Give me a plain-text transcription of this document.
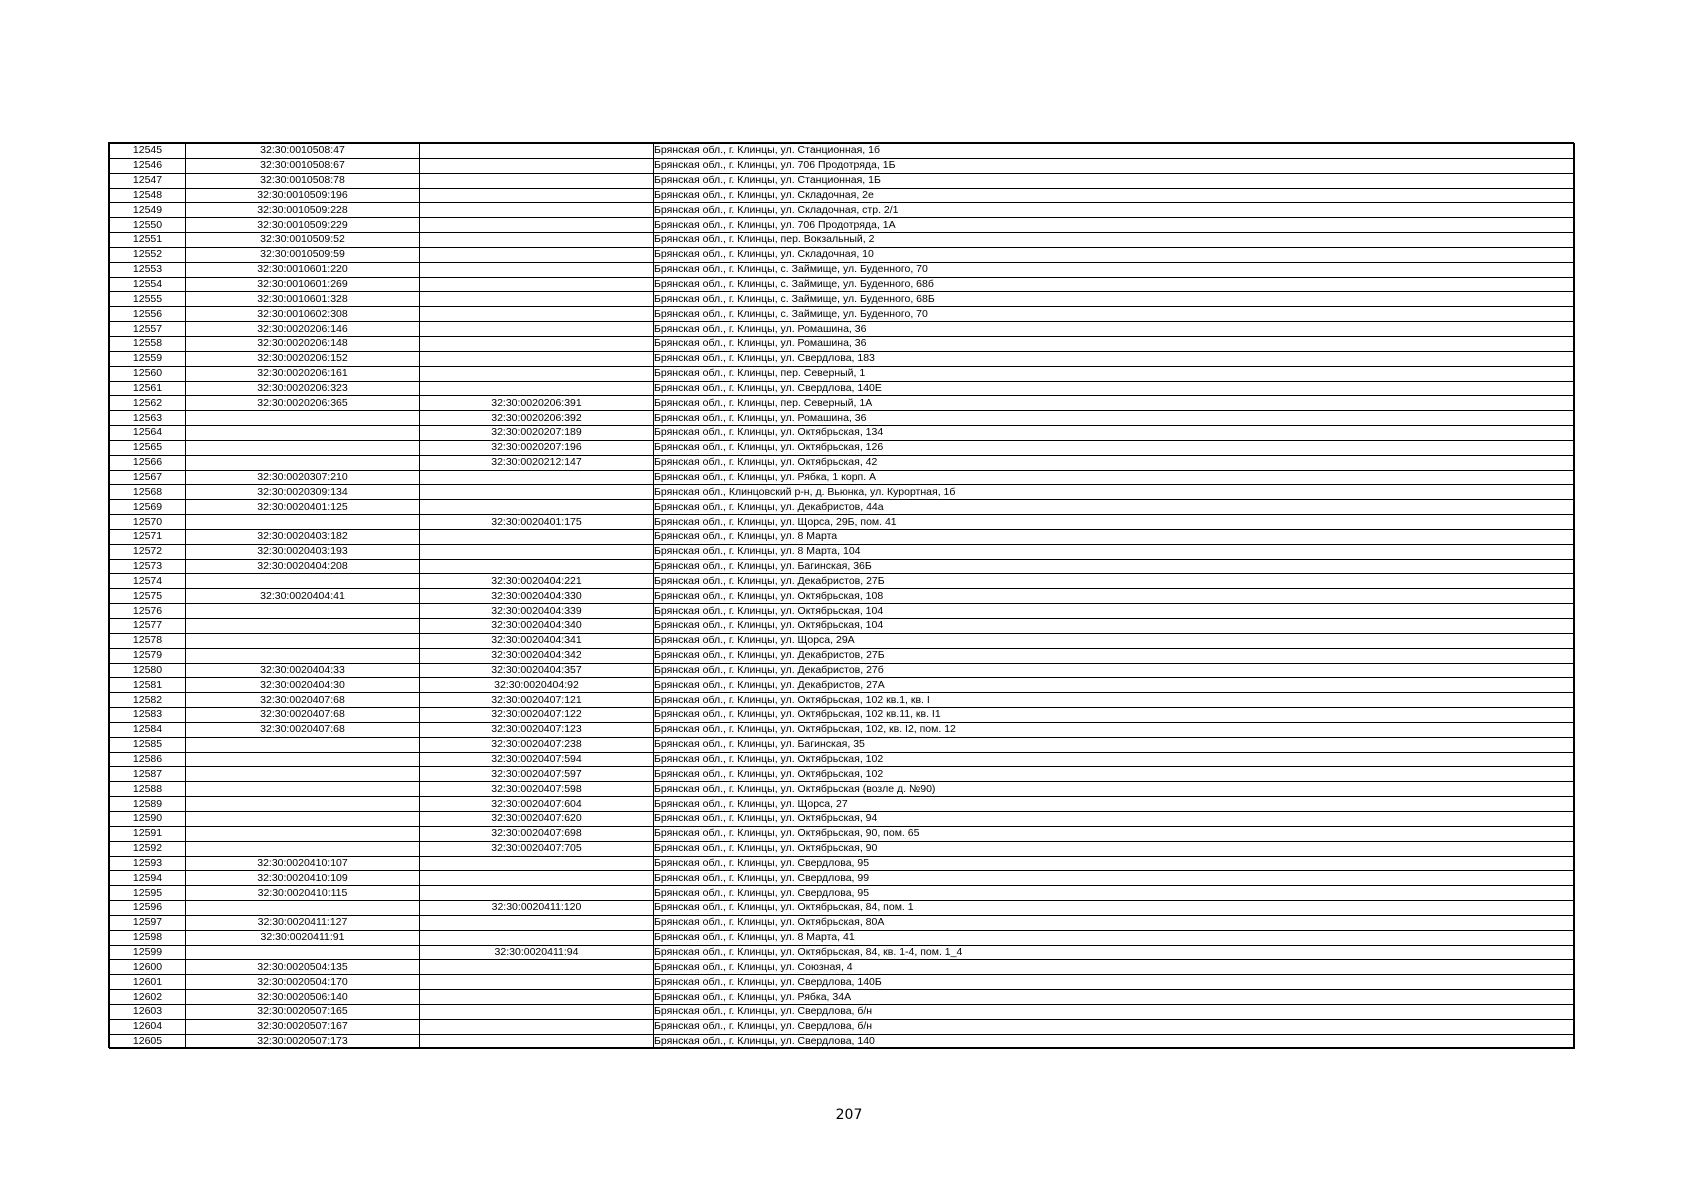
12545	32:30:0010508:47		Брянская обл., г. Клинцы, ул. Станционная, 1б
12546	32:30:0010508:67		Брянская обл., г. Клинцы, ул. 706 Продотряда, 1Б
12547	32:30:0010508:78		Брянская обл., г. Клинцы, ул. Станционная, 1Б
12548	32:30:0010509:196		Брянская обл., г. Клинцы, ул. Складочная, 2е
12549	32:30:0010509:228		Брянская обл., г. Клинцы, ул. Складочная, стр. 2/1
12550	32:30:0010509:229		Брянская обл., г. Клинцы, ул. 706 Продотряда, 1А
12551	32:30:0010509:52		Брянская обл., г. Клинцы, пер. Вокзальный, 2
12552	32:30:0010509:59		Брянская обл., г. Клинцы, ул. Складочная, 10
12553	32:30:0010601:220		Брянская обл., г. Клинцы, с. Займище, ул. Буденного, 70
12554	32:30:0010601:269		Брянская обл., г. Клинцы, с. Займище, ул. Буденного, 68б
12555	32:30:0010601:328		Брянская обл., г. Клинцы, с. Займище, ул. Буденного, 68Б
12556	32:30:0010602:308		Брянская обл., г. Клинцы, с. Займище, ул. Буденного, 70
12557	32:30:0020206:146		Брянская обл., г. Клинцы, ул. Ромашина, 36
12558	32:30:0020206:148		Брянская обл., г. Клинцы, ул. Ромашина, 36
12559	32:30:0020206:152		Брянская обл., г. Клинцы, ул. Свердлова, 183
12560	32:30:0020206:161		Брянская обл., г. Клинцы, пер. Северный, 1
12561	32:30:0020206:323		Брянская обл., г. Клинцы, ул. Свердлова, 140Е
12562	32:30:0020206:365	32:30:0020206:391	Брянская обл., г. Клинцы, пер. Северный, 1А
12563		32:30:0020206:392	Брянская обл., г. Клинцы, ул. Ромашина, 36
12564		32:30:0020207:189	Брянская обл., г. Клинцы, ул. Октябрьская, 134
12565		32:30:0020207:196	Брянская обл., г. Клинцы, ул. Октябрьская, 126
12566		32:30:0020212:147	Брянская обл., г. Клинцы, ул. Октябрьская, 42
12567	32:30:0020307:210		Брянская обл., г. Клинцы, ул. Рябка, 1 корп. А
12568	32:30:0020309:134		Брянская обл., Клинцовский р-н, д. Вьюнка, ул. Курортная, 1б
12569	32:30:0020401:125		Брянская обл., г. Клинцы, ул. Декабристов, 44а
12570		32:30:0020401:175	Брянская обл., г. Клинцы, ул. Щорса, 29Б, пом. 41
12571	32:30:0020403:182		Брянская обл., г. Клинцы, ул. 8 Марта
12572	32:30:0020403:193		Брянская обл., г. Клинцы, ул. 8 Марта, 104
12573	32:30:0020404:208		Брянская обл., г. Клинцы, ул. Багинская, 36Б
12574		32:30:0020404:221	Брянская обл., г. Клинцы, ул. Декабристов, 27Б
12575	32:30:0020404:41	32:30:0020404:330	Брянская обл., г. Клинцы, ул. Октябрьская, 108
12576		32:30:0020404:339	Брянская обл., г. Клинцы, ул. Октябрьская, 104
12577		32:30:0020404:340	Брянская обл., г. Клинцы, ул. Октябрьская, 104
12578		32:30:0020404:341	Брянская обл., г. Клинцы, ул. Щорса, 29А
12579		32:30:0020404:342	Брянская обл., г. Клинцы, ул. Декабристов, 27Б
12580	32:30:0020404:33	32:30:0020404:357	Брянская обл., г. Клинцы, ул. Декабристов, 27б
12581	32:30:0020404:30	32:30:0020404:92	Брянская обл., г. Клинцы, ул. Декабристов, 27А
12582	32:30:0020407:68	32:30:0020407:121	Брянская обл., г. Клинцы, ул. Октябрьская, 102 кв.1, кв. I
12583	32:30:0020407:68	32:30:0020407:122	Брянская обл., г. Клинцы, ул. Октябрьская, 102 кв.11, кв. I1
12584	32:30:0020407:68	32:30:0020407:123	Брянская обл., г. Клинцы, ул. Октябрьская, 102, кв. I2, пом. 12
12585		32:30:0020407:238	Брянская обл., г. Клинцы, ул. Багинская, 35
12586		32:30:0020407:594	Брянская обл., г. Клинцы, ул. Октябрьская, 102
12587		32:30:0020407:597	Брянская обл., г. Клинцы, ул. Октябрьская, 102
12588		32:30:0020407:598	Брянская обл., г. Клинцы, ул. Октябрьская (возле д. №90)
12589		32:30:0020407:604	Брянская обл., г. Клинцы, ул. Щорса, 27
12590		32:30:0020407:620	Брянская обл., г. Клинцы, ул. Октябрьская, 94
12591		32:30:0020407:698	Брянская обл., г. Клинцы, ул. Октябрьская, 90, пом. 65
12592		32:30:0020407:705	Брянская обл., г. Клинцы, ул. Октябрьская, 90
12593	32:30:0020410:107		Брянская обл., г. Клинцы, ул. Свердлова, 95
12594	32:30:0020410:109		Брянская обл., г. Клинцы, ул. Свердлова, 99
12595	32:30:0020410:115		Брянская обл., г. Клинцы, ул. Свердлова, 95
12596		32:30:0020411:120	Брянская обл., г. Клинцы, ул. Октябрьская, 84, пом. 1
12597	32:30:0020411:127		Брянская обл., г. Клинцы, ул. Октябрьская, 80А
12598	32:30:0020411:91		Брянская обл., г. Клинцы, ул. 8 Марта, 41
12599		32:30:0020411:94	Брянская обл., г. Клинцы, ул. Октябрьская, 84, кв. 1-4, пом. 1_4
12600	32:30:0020504:135		Брянская обл., г. Клинцы, ул. Союзная, 4
12601	32:30:0020504:170		Брянская обл., г. Клинцы, ул. Свердлова, 140Б
12602	32:30:0020506:140		Брянская обл., г. Клинцы, ул. Рябка, 34А
12603	32:30:0020507:165		Брянская обл., г. Клинцы, ул. Свердлова, б/н
12604	32:30:0020507:167		Брянская обл., г. Клинцы, ул. Свердлова, б/н
12605	32:30:0020507:173		Брянская обл., г. Клинцы, ул. Свердлова, 140
207
